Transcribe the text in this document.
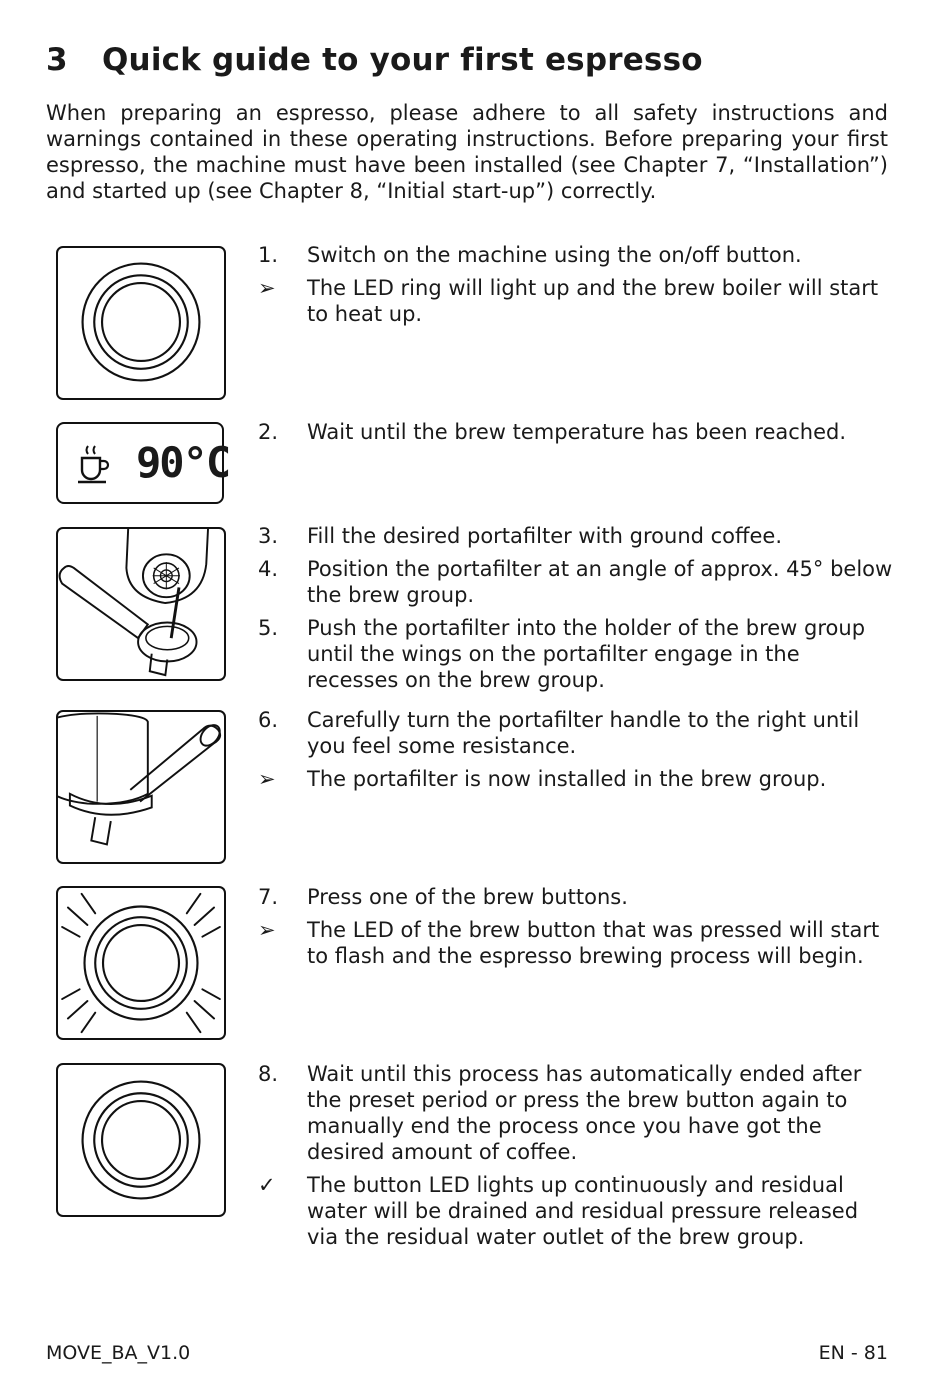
3 Quick guide to your first espresso

When preparing an espresso, please adhere to all safety instructions and warnings contained in these operating instructions. Before preparing your first espresso, the machine must have been installed (see Chapter 7, “Installation”) and started up (see Chapter 8, “Initial start-up”) correctly.

90°C
1.	Switch on the machine using the on/off button.
➢	The LED ring will light up and the brew boiler will start to heat up.
2.	Wait until the brew temperature has been reached.
3.	Fill the desired portafilter with ground coffee.
4.	Position the portafilter at an angle of approx. 45° below the brew group.
5.	Push the portafilter into the holder of the brew group until the wings on the portafilter engage in the recesses on the brew group.
6.	Carefully turn the portafilter handle to the right until you feel some resistance.
➢	The portafilter is now installed in the brew group.
7.	Press one of the brew buttons.
➢	The LED of the brew button that was pressed will start to flash and the espresso brewing process will begin.
8.	Wait until this process has automatically ended after the preset period or press the brew button again to manually end the process once you have got the desired amount of coffee.
✓	The button LED lights up continuously and residual water will be drained and residual pressure released via the residual water outlet of the brew group.
MOVE_BA_V1.0	EN - 81
